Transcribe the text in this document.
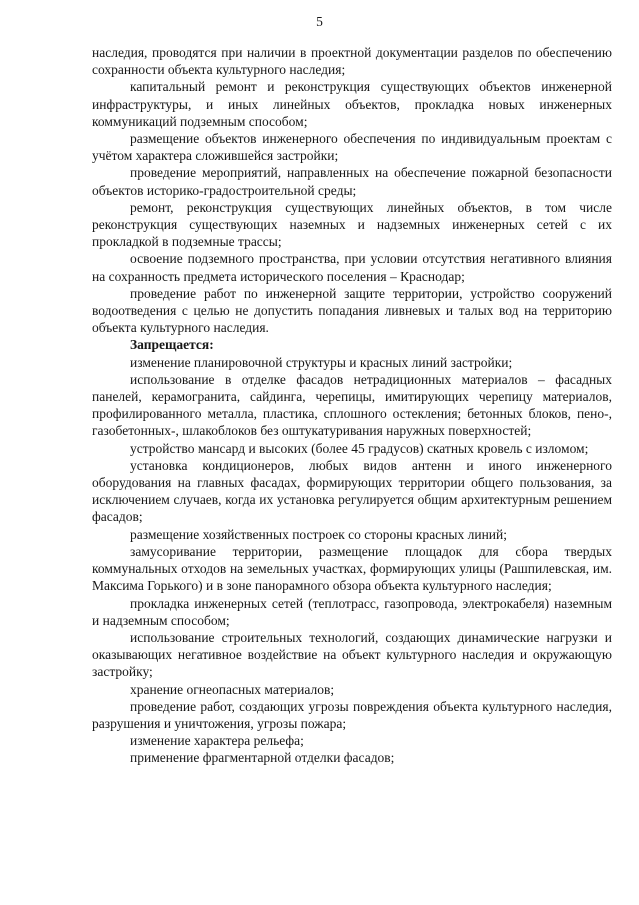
5

наследия, проводятся при наличии в проектной документации разделов по обеспечению сохранности объекта культурного наследия;

капитальный ремонт и реконструкция существующих объектов инженерной инфраструктуры, и иных линейных объектов, прокладка новых инженерных коммуникаций подземным способом;

размещение объектов инженерного обеспечения по индивидуальным проектам с учётом характера сложившейся застройки;

проведение мероприятий, направленных на обеспечение пожарной безопасности объектов историко-градостроительной среды;

ремонт, реконструкция существующих линейных объектов, в том числе реконструкция существующих наземных и надземных инженерных сетей с их прокладкой в подземные трассы;

освоение подземного пространства, при условии отсутствия негативного влияния на сохранность предмета исторического поселения – Краснодар;

проведение работ по инженерной защите территории, устройство сооружений водоотведения с целью не допустить попадания ливневых и талых вод на территорию объекта культурного наследия.

Запрещается:

изменение планировочной структуры и красных линий застройки;

использование в отделке фасадов нетрадиционных материалов – фасадных панелей, керамогранита, сайдинга, черепицы, имитирующих черепицу материалов, профилированного металла, пластика, сплошного остекления; бетонных блоков, пено-, газобетонных-, шлакоблоков без оштукатуривания наружных поверхностей;

устройство мансард и высоких (более 45 градусов) скатных кровель с изломом;

установка кондиционеров, любых видов антенн и иного инженерного оборудования на главных фасадах, формирующих территории общего пользования, за исключением случаев, когда их установка регулируется общим архитектурным решением фасадов;

размещение хозяйственных построек со стороны красных линий;

замусоривание территории, размещение площадок для сбора твердых коммунальных отходов на земельных участках, формирующих улицы (Рашпилевская, им. Максима Горького) и в зоне панорамного обзора объекта культурного наследия;

прокладка инженерных сетей (теплотрасс, газопровода, электрокабеля) наземным и надземным способом;

использование строительных технологий, создающих динамические нагрузки и оказывающих негативное воздействие на объект культурного наследия и окружающую застройку;

хранение огнеопасных материалов;

проведение работ, создающих угрозы повреждения объекта культурного наследия, разрушения и уничтожения, угрозы пожара;

изменение характера рельефа;

применение фрагментарной отделки фасадов;
